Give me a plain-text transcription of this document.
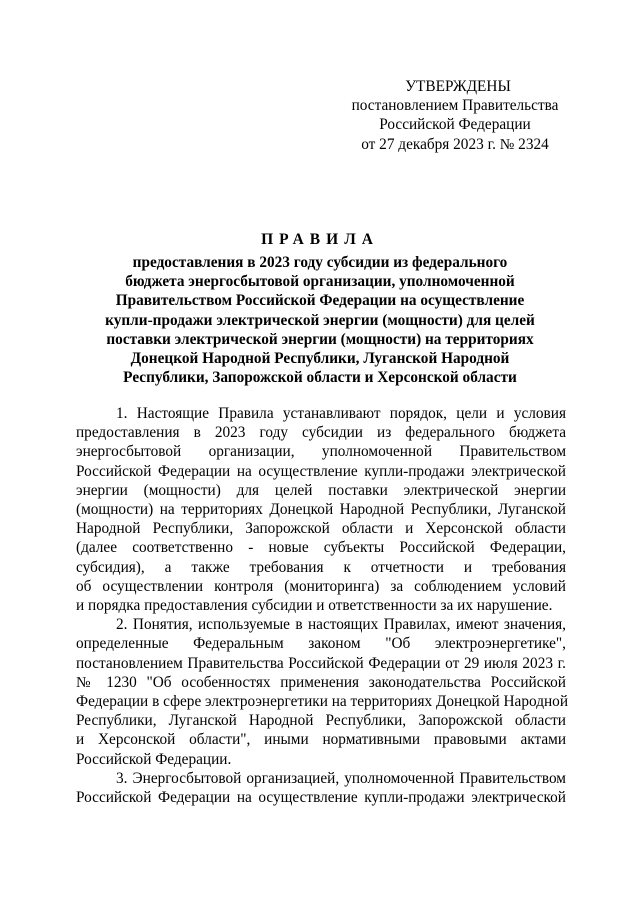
УТВЕРЖДЕНЫ
постановлением Правительства
Российской Федерации
от 27 декабря 2023 г. № 2324
ПРАВИЛА
предоставления в 2023 году субсидии из федерального
бюджета энергосбытовой организации, уполномоченной
Правительством Российской Федерации на осуществление
купли-продажи электрической энергии (мощности) для целей
поставки электрической энергии (мощности) на территориях
Донецкой Народной Республики, Луганской Народной
Республики, Запорожской области и Херсонской области

1. Настоящие Правила устанавливают порядок, цели и условия
предоставления в 2023 году субсидии из федерального бюджета
энергосбытовой организации, уполномоченной Правительством
Российской Федерации на осуществление купли-продажи электрической
энергии (мощности) для целей поставки электрической энергии
(мощности) на территориях Донецкой Народной Республики, Луганской
Народной Республики, Запорожской области и Херсонской области
(далее соответственно - новые субъекты Российской Федерации,
субсидия), а также требования к отчетности и требования
об осуществлении контроля (мониторинга) за соблюдением условий
и порядка предоставления субсидии и ответственности за их нарушение.

2. Понятия, используемые в настоящих Правилах, имеют значения,
определенные Федеральным законом "Об электроэнергетике",
постановлением Правительства Российской Федерации от 29 июля 2023 г.
№ 1230 "Об особенностях применения законодательства Российской
Федерации в сфере электроэнергетики на территориях Донецкой Народной
Республики, Луганской Народной Республики, Запорожской области
и Херсонской области", иными нормативными правовыми актами
Российской Федерации.

3. Энергосбытовой организацией, уполномоченной Правительством
Российской Федерации на осуществление купли-продажи электрической
